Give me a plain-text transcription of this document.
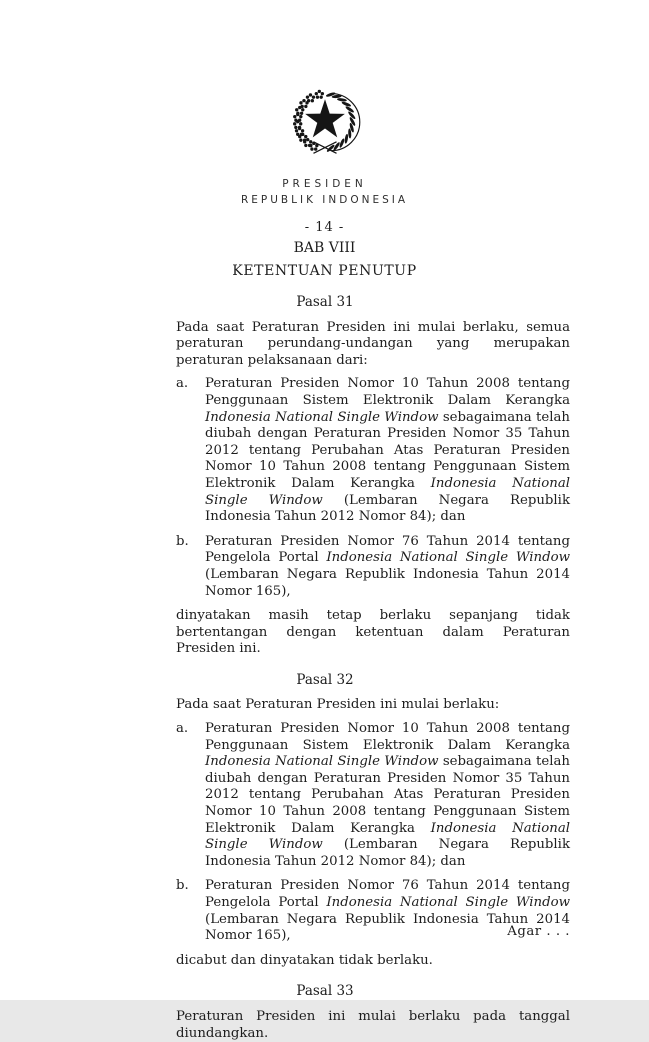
PRESIDEN
REPUBLIK INDONESIA
- 14 -
BAB VIII
KETENTUAN PENUTUP
Pasal 31

Pada saat Peraturan Presiden ini mulai berlaku, semua peraturan perundang-undangan yang merupakan peraturan pelaksanaan dari:

a.	Peraturan Presiden Nomor 10 Tahun 2008 tentang Penggunaan Sistem Elektronik Dalam Kerangka Indonesia National Single Window sebagaimana telah diubah dengan Peraturan Presiden Nomor 35 Tahun 2012 tentang Perubahan Atas Peraturan Presiden Nomor 10 Tahun 2008 tentang Penggunaan Sistem Elektronik Dalam Kerangka Indonesia National Single Window (Lembaran Negara Republik Indonesia Tahun 2012 Nomor 84); dan
b.	Peraturan Presiden Nomor 76 Tahun 2014 tentang Pengelola Portal Indonesia National Single Window (Lembaran Negara Republik Indonesia Tahun 2014 Nomor 165),

dinyatakan masih tetap berlaku sepanjang tidak bertentangan dengan ketentuan dalam Peraturan Presiden ini.

Pasal 32

Pada saat Peraturan Presiden ini mulai berlaku:

a.	Peraturan Presiden Nomor 10 Tahun 2008 tentang Penggunaan Sistem Elektronik Dalam Kerangka Indonesia National Single Window sebagaimana telah diubah dengan Peraturan Presiden Nomor 35 Tahun 2012 tentang Perubahan Atas Peraturan Presiden Nomor 10 Tahun 2008 tentang Penggunaan Sistem Elektronik Dalam Kerangka Indonesia National Single Window (Lembaran Negara Republik Indonesia Tahun 2012 Nomor 84); dan
b.	Peraturan Presiden Nomor 76 Tahun 2014 tentang Pengelola Portal Indonesia National Single Window (Lembaran Negara Republik Indonesia Tahun 2014 Nomor 165),

dicabut dan dinyatakan tidak berlaku.

Pasal 33

Peraturan Presiden ini mulai berlaku pada tanggal diundangkan.

Agar . . .
